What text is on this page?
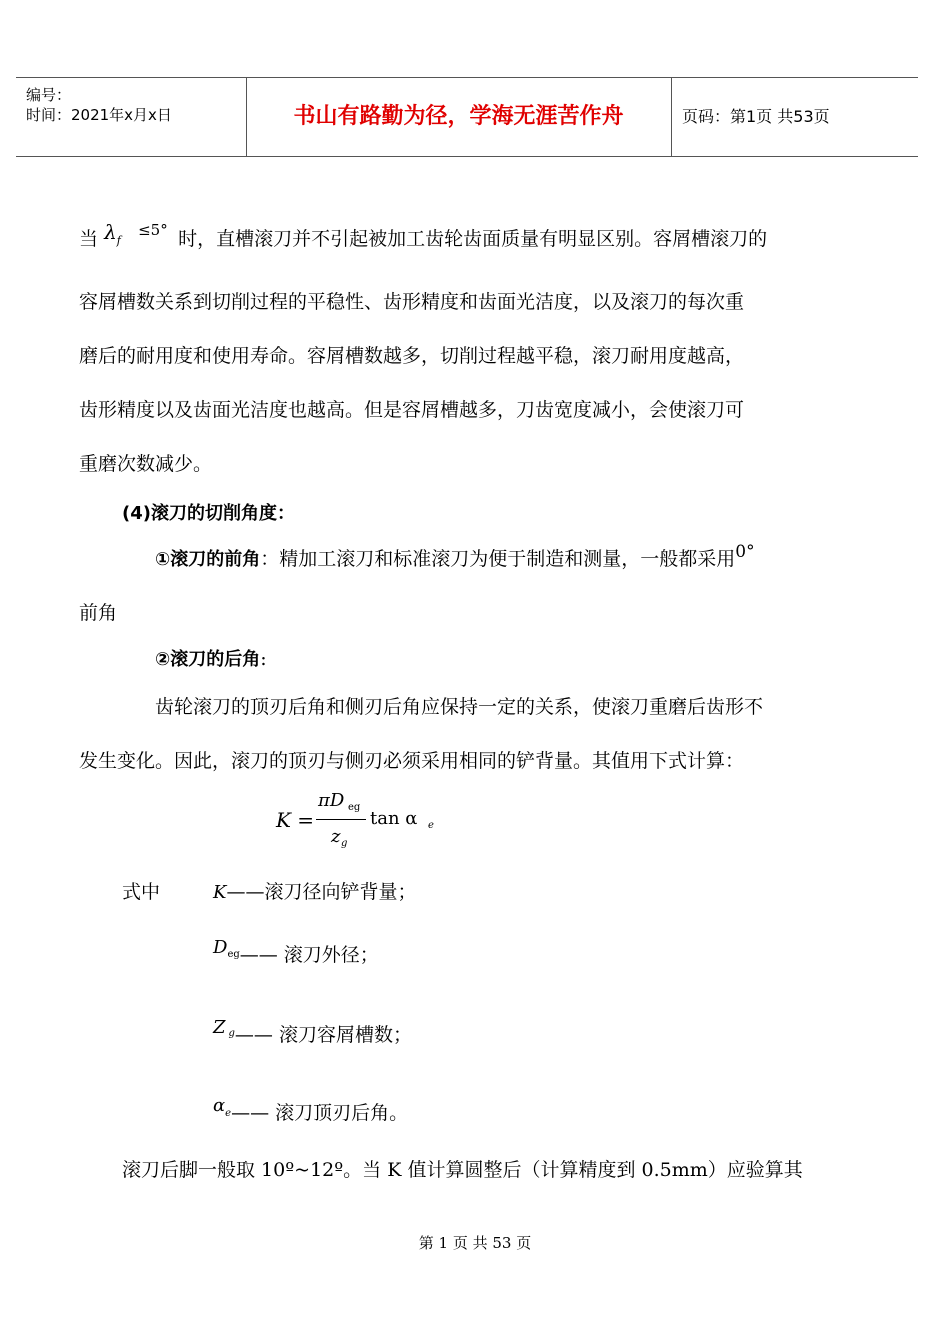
编号：
时间：2021年x月x日	书山有路勤为径，学海无涯苦作舟	页码：第1页 共53页
当 $\lambda_f \le 5^\circ$ 时，直槽滚刀并不引起被加工齿轮齿面质量有明显区别。容屑槽滚刀的
容屑槽数关系到切削过程的平稳性、齿形精度和齿面光洁度，以及滚刀的每次重
磨后的耐用度和使用寿命。容屑槽数越多，切削过程越平稳，滚刀耐用度越高，
齿形精度以及齿面光洁度也越高。但是容屑槽越多，刀齿宽度减小，会使滚刀可
重磨次数减少。
(4)滚刀的切削角度：
①滚刀的前角：精加工滚刀和标准滚刀为便于制造和测量，一般都采用0°
前角
②滚刀的后角:
齿轮滚刀的顶刃后角和侧刃后角应保持一定的关系，使滚刀重磨后齿形不
发生变化。因此，滚刀的顶刃与侧刃必须采用相同的铲背量。其值用下式计算：
K =
πD eg
z g
tan α e
式中	K——滚刀径向铲背量；
$D^{eg}——$ 滚刀外径；
Z $^g$—— 滚刀容屑槽数；
αe—— 滚刀顶刃后角。
滚刀后脚一般取 10º~12º。当 K 值计算圆整后（计算精度到 0.5mm）应验算其
第 1 页 共 53 页
